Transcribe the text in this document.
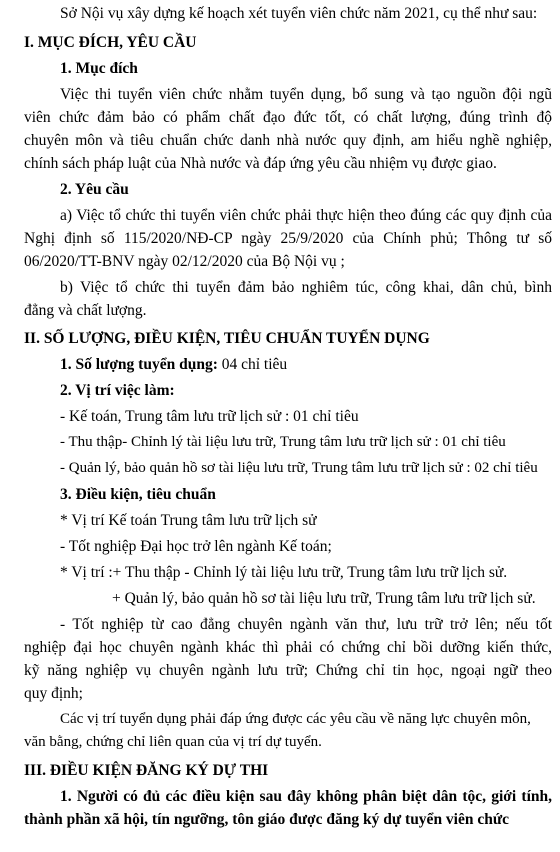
Sở Nội vụ xây dựng kế hoạch xét tuyển viên chức năm 2021, cụ thể như sau:
I. MỤC ĐÍCH, YÊU CẦU
1. Mục đích
Việc thi tuyển viên chức nhằm tuyển dụng, bổ sung và tạo nguồn đội ngũ
viên chức đảm bảo có phẩm chất đạo đức tốt, có chất lượng, đúng trình độ
chuyên môn và tiêu chuẩn chức danh nhà nước quy định, am hiểu nghề nghiệp,
chính sách pháp luật của Nhà nước và đáp ứng yêu cầu nhiệm vụ được giao.
2. Yêu cầu
a) Việc tổ chức thi tuyển viên chức phải thực hiện theo đúng các quy định của
Nghị định số 115/2020/NĐ-CP ngày 25/9/2020 của Chính phủ; Thông tư số
06/2020/TT-BNV ngày 02/12/2020 của Bộ Nội vụ ;
b) Việc tổ chức thi tuyển đảm bảo nghiêm túc, công khai, dân chủ, bình
đẳng và chất lượng.
II. SỐ LƯỢNG, ĐIỀU KIỆN, TIÊU CHUẨN TUYỂN DỤNG
1. Số lượng tuyển dụng: 04 chỉ tiêu
2. Vị trí việc làm:
- Kế toán, Trung tâm lưu trữ lịch sử : 01 chỉ tiêu
- Thu thập- Chỉnh lý tài liệu lưu trữ, Trung tâm lưu trữ lịch sử : 01 chỉ tiêu
- Quản lý, bảo quản hồ sơ tài liệu lưu trữ, Trung tâm lưu trữ lịch sử : 02 chỉ tiêu
3. Điều kiện, tiêu chuẩn
* Vị trí Kế toán Trung tâm lưu trữ lịch sử
- Tốt nghiệp Đại học trở lên ngành Kế toán;
* Vị trí :+ Thu thập - Chỉnh lý tài liệu lưu trữ, Trung tâm lưu trữ lịch sử.
+ Quản lý, bảo quản hồ sơ tài liệu lưu trữ, Trung tâm lưu trữ lịch sử.
- Tốt nghiệp từ cao đẳng chuyên ngành văn thư, lưu trữ trở lên; nếu tốt
nghiệp đại học chuyên ngành khác thì phải có chứng chỉ bồi dưỡng kiến thức,
kỹ năng nghiệp vụ chuyên ngành lưu trữ; Chứng chỉ tin học, ngoại ngữ theo
quy định;
Các vị trí tuyển dụng phải đáp ứng được các yêu cầu về năng lực chuyên môn,
văn bằng, chứng chỉ liên quan của vị trí dự tuyển.
III. ĐIỀU KIỆN ĐĂNG KÝ DỰ THI
1. Người có đủ các điều kiện sau đây không phân biệt dân tộc, giới tính,
thành phần xã hội, tín ngưỡng, tôn giáo được đăng ký dự tuyển viên chức
